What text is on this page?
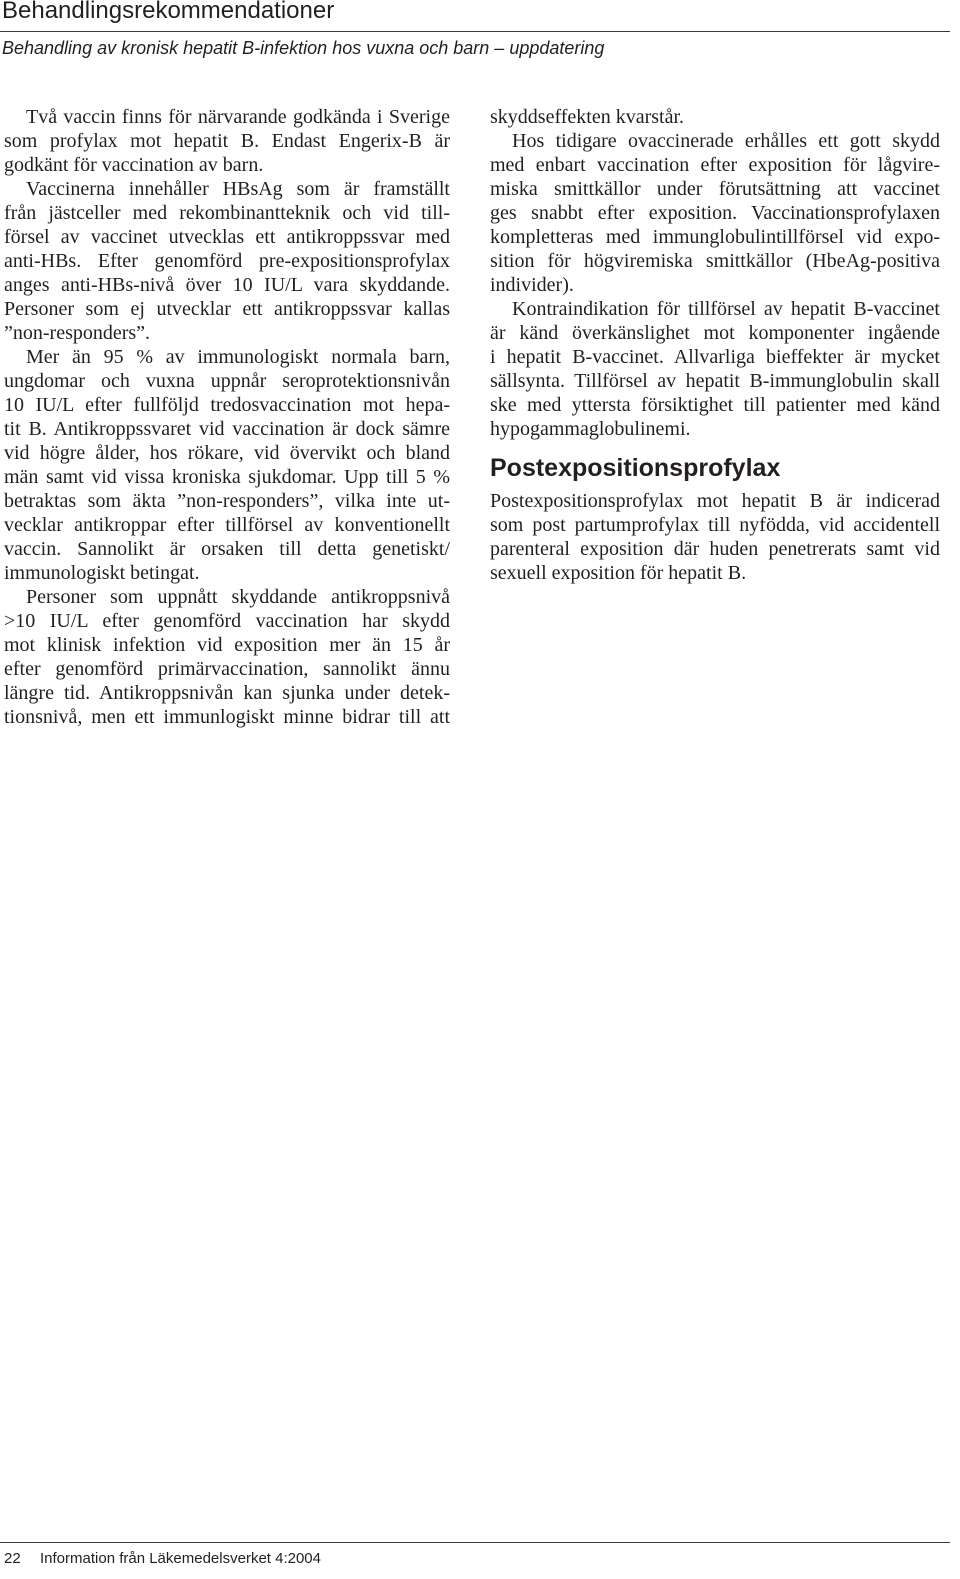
Behandlingsrekommendationer
Behandling av kronisk hepatit B-infektion hos vuxna och barn – uppdatering
Två vaccin finns för närvarande godkända i Sverige
som profylax mot hepatit B. Endast Engerix-B är
godkänt för vaccination av barn.
Vaccinerna innehåller HBsAg som är framställt
från jästceller med rekombinantteknik och vid till-
försel av vaccinet utvecklas ett antikroppssvar med
anti-HBs. Efter genomförd pre-expositionsprofylax
anges anti-HBs-nivå över 10 IU/L vara skyddande.
Personer som ej utvecklar ett antikroppssvar kallas
”non-responders”.
Mer än 95 % av immunologiskt normala barn,
ungdomar och vuxna uppnår seroprotektionsnivån
10 IU/L efter fullföljd tredosvaccination mot hepa-
tit B. Antikroppssvaret vid vaccination är dock sämre
vid högre ålder, hos rökare, vid övervikt och bland
män samt vid vissa kroniska sjukdomar. Upp till 5 %
betraktas som äkta ”non-responders”, vilka inte ut-
vecklar antikroppar efter tillförsel av konventionellt
vaccin. Sannolikt är orsaken till detta genetiskt/
immunologiskt betingat.
Personer som uppnått skyddande antikroppsnivå
>10 IU/L efter genomförd vaccination har skydd
mot klinisk infektion vid exposition mer än 15 år
efter genomförd primärvaccination, sannolikt ännu
längre tid. Antikroppsnivån kan sjunka under detek-
tionsnivå, men ett immunlogiskt minne bidrar till att
skyddseffekten kvarstår.
Hos tidigare ovaccinerade erhålles ett gott skydd
med enbart vaccination efter exposition för lågvire-
miska smittkällor under förutsättning att vaccinet
ges snabbt efter exposition. Vaccinationsprofylaxen
kompletteras med immunglobulintillförsel vid expo-
sition för högviremiska smittkällor (HbeAg-positiva
individer).
Kontraindikation för tillförsel av hepatit B-vaccinet
är känd överkänslighet mot komponenter ingående
i hepatit B-vaccinet. Allvarliga bieffekter är mycket
sällsynta. Tillförsel av hepatit B-immunglobulin skall
ske med yttersta försiktighet till patienter med känd
hypogammaglobulinemi.
Postexpositionsprofylax
Postexpositionsprofylax mot hepatit B är indicerad
som post partumprofylax till nyfödda, vid accidentell
parenteral exposition där huden penetrerats samt vid
sexuell exposition för hepatit B.
22 Information från Läkemedelsverket 4:2004
